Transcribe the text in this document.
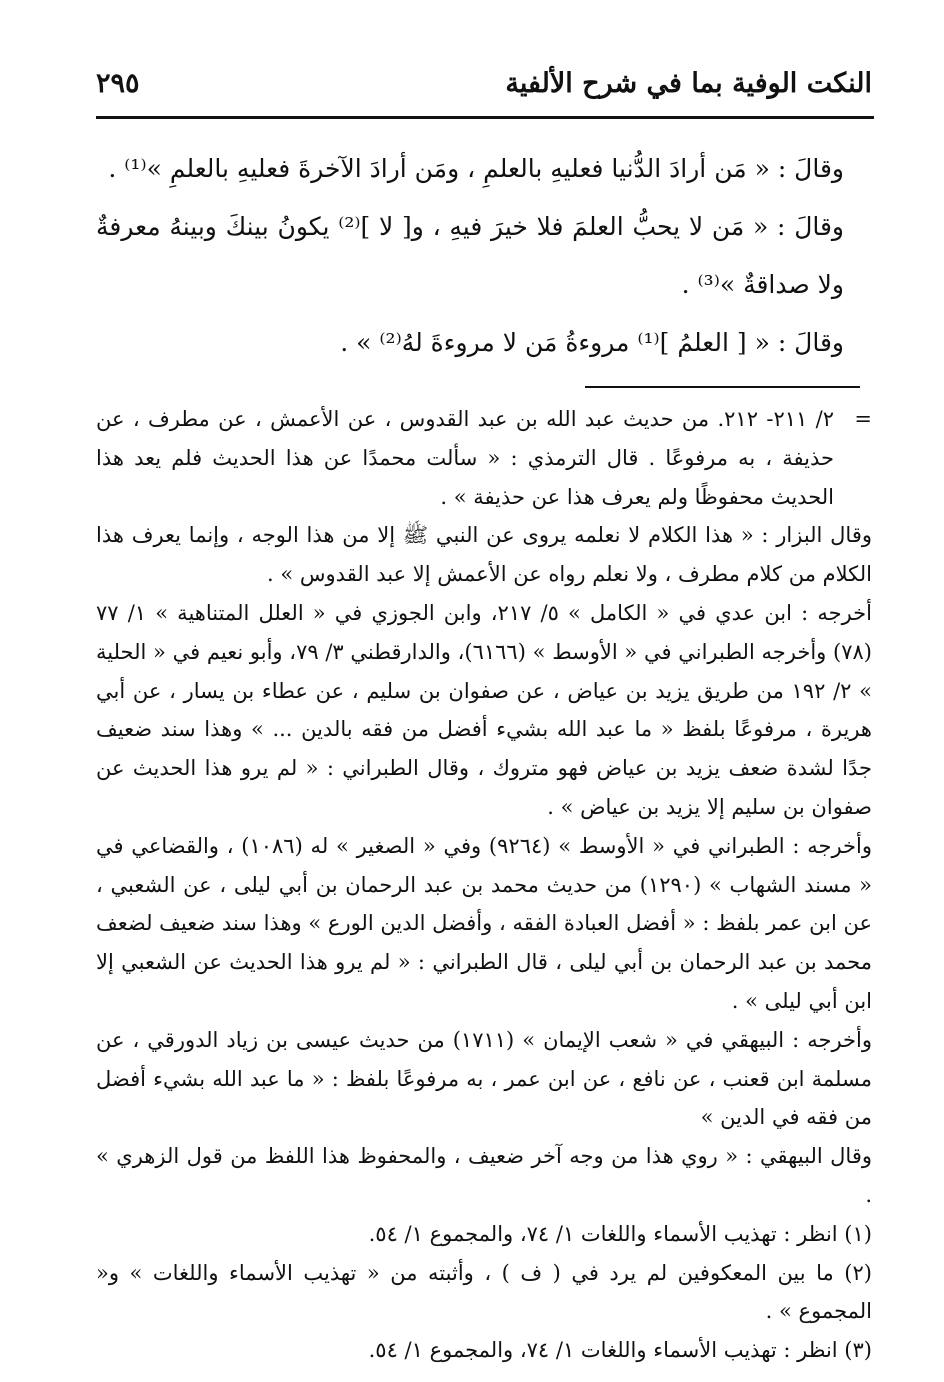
النكت الوفية بما في شرح الألفية
٢٩٥

وقالَ : « مَن أرادَ الدُّنيا فعليهِ بالعلمِ ، ومَن أرادَ الآخرةَ فعليهِ بالعلمِ »⁽¹⁾ .

وقالَ : « مَن لا يحبُّ العلمَ فلا خيرَ فيهِ ، و[ لا ]⁽²⁾ يكونُ بينكَ وبينهُ معرفةٌ ولا صداقةٌ »⁽³⁾ .

وقالَ : « [ العلمُ ]⁽¹⁾ مروءةُ مَن لا مروءةَ لهُ⁽²⁾ » .

=

٢/ ٢١١- ٢١٢. من حديث عبد الله بن عبد القدوس ، عن الأعمش ، عن مطرف ، عن حذيفة ، به مرفوعًا . قال الترمذي : « سألت محمدًا عن هذا الحديث فلم يعد هذا الحديث محفوظًا ولم يعرف هذا عن حذيفة » .

وقال البزار : « هذا الكلام لا نعلمه يروى عن النبي ﷺ إلا من هذا الوجه ، وإنما يعرف هذا الكلام من كلام مطرف ، ولا نعلم رواه عن الأعمش إلا عبد القدوس » .

أخرجه : ابن عدي في « الكامل » ٥/ ٢١٧، وابن الجوزي في « العلل المتناهية » ١/ ٧٧ (٧٨) وأخرجه الطبراني في « الأوسط » (٦١٦٦)، والدارقطني ٣/ ٧٩، وأبو نعيم في « الحلية » ٢/ ١٩٢ من طريق يزيد بن عياض ، عن صفوان بن سليم ، عن عطاء بن يسار ، عن أبي هريرة ، مرفوعًا بلفظ « ما عبد الله بشيء أفضل من فقه بالدين ... » وهذا سند ضعيف جدًا لشدة ضعف يزيد بن عياض فهو متروك ، وقال الطبراني : « لم يرو هذا الحديث عن صفوان بن سليم إلا يزيد بن عياض » .

وأخرجه : الطبراني في « الأوسط » (٩٢٦٤) وفي « الصغير » له (١٠٨٦) ، والقضاعي في « مسند الشهاب » (١٢٩٠) من حديث محمد بن عبد الرحمان بن أبي ليلى ، عن الشعبي ، عن ابن عمر بلفظ : « أفضل العبادة الفقه ، وأفضل الدين الورع » وهذا سند ضعيف لضعف محمد بن عبد الرحمان بن أبي ليلى ، قال الطبراني : « لم يرو هذا الحديث عن الشعبي إلا ابن أبي ليلى » .

وأخرجه : البيهقي في « شعب الإيمان » (١٧١١) من حديث عيسى بن زياد الدورقي ، عن مسلمة ابن قعنب ، عن نافع ، عن ابن عمر ، به مرفوعًا بلفظ : « ما عبد الله بشيء أفضل من فقه في الدين »

وقال البيهقي : « روي هذا من وجه آخر ضعيف ، والمحفوظ هذا اللفظ من قول الزهري » .

(١) انظر : تهذيب الأسماء واللغات ١/ ٧٤، والمجموع ١/ ٥٤.

(٢) ما بين المعكوفين لم يرد في ( ف ) ، وأثبته من « تهذيب الأسماء واللغات » و« المجموع » .

(٣) انظر : تهذيب الأسماء واللغات ١/ ٧٤، والمجموع ١/ ٥٤.
